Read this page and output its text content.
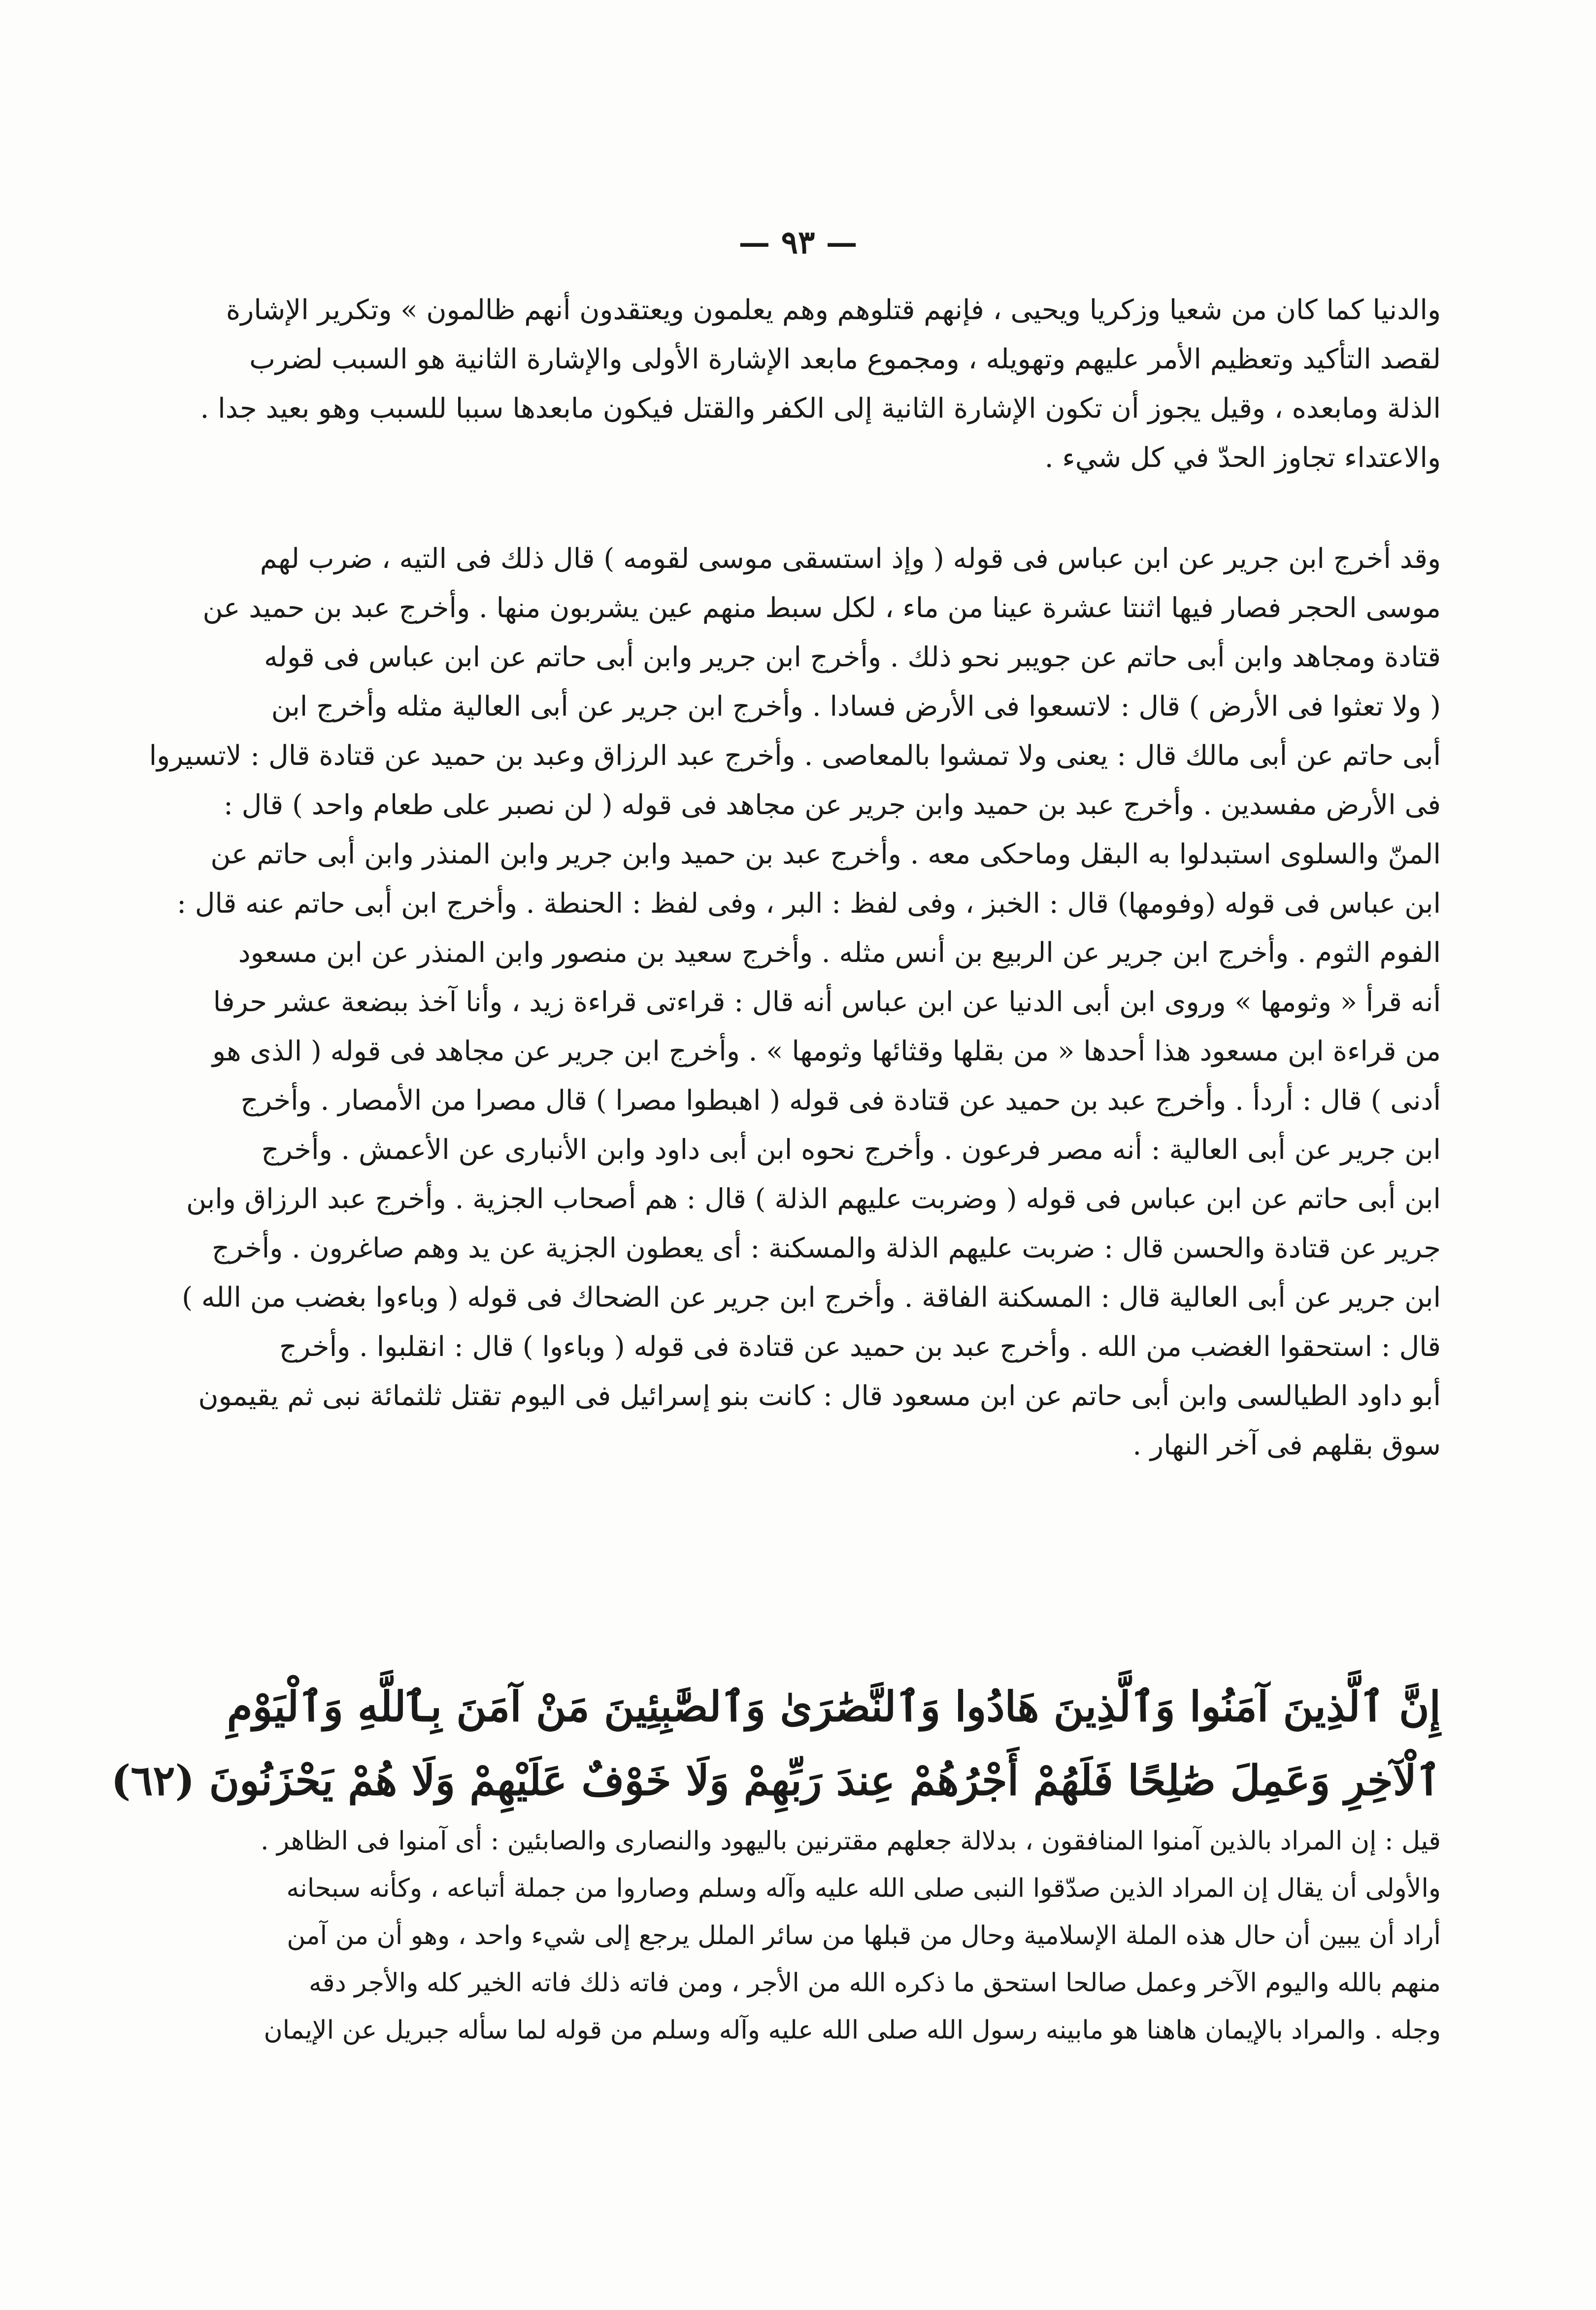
— ٩٣ —
والدنيا كما كان من شعيا وزكريا ويحيى ، فإنهم قتلوهم وهم يعلمون ويعتقدون أنهم ظالمون » وتكرير الإشارة
لقصد التأكيد وتعظيم الأمر عليهم وتهويله ، ومجموع مابعد الإشارة الأولى والإشارة الثانية هو السبب لضرب
الذلة ومابعده ، وقيل يجوز أن تكون الإشارة الثانية إلى الكفر والقتل فيكون مابعدها سببا للسبب وهو بعيد جدا .
والاعتداء تجاوز الحدّ في كل شيء .
وقد أخرج ابن جرير عن ابن عباس فى قوله ( وإذ استسقى موسى لقومه ) قال ذلك فى التيه ، ضرب لهم
موسى الحجر فصار فيها اثنتا عشرة عينا من ماء ، لكل سبط منهم عين يشربون منها . وأخرج عبد بن حميد عن
قتادة ومجاهد وابن أبى حاتم عن جويبر نحو ذلك . وأخرج ابن جرير وابن أبى حاتم عن ابن عباس فى قوله
( ولا تعثوا فى الأرض ) قال : لاتسعوا فى الأرض فسادا . وأخرج ابن جرير عن أبى العالية مثله وأخرج ابن
أبى حاتم عن أبى مالك قال : يعنى ولا تمشوا بالمعاصى . وأخرج عبد الرزاق وعبد بن حميد عن قتادة قال : لاتسيروا
فى الأرض مفسدين . وأخرج عبد بن حميد وابن جرير عن مجاهد فى قوله ( لن نصبر على طعام واحد ) قال :
المنّ والسلوى استبدلوا به البقل وماحكى معه . وأخرج عبد بن حميد وابن جرير وابن المنذر وابن أبى حاتم عن
ابن عباس فى قوله (وفومها) قال : الخبز ، وفى لفظ : البر ، وفى لفظ : الحنطة . وأخرج ابن أبى حاتم عنه قال :
الفوم الثوم . وأخرج ابن جرير عن الربيع بن أنس مثله . وأخرج سعيد بن منصور وابن المنذر عن ابن مسعود
أنه قرأ « وثومها » وروى ابن أبى الدنيا عن ابن عباس أنه قال : قراءتى قراءة زيد ، وأنا آخذ ببضعة عشر حرفا
من قراءة ابن مسعود هذا أحدها « من بقلها وقثائها وثومها » . وأخرج ابن جرير عن مجاهد فى قوله ( الذى هو
أدنى ) قال : أردأ . وأخرج عبد بن حميد عن قتادة فى قوله ( اهبطوا مصرا ) قال مصرا من الأمصار . وأخرج
ابن جرير عن أبى العالية : أنه مصر فرعون . وأخرج نحوه ابن أبى داود وابن الأنبارى عن الأعمش . وأخرج
ابن أبى حاتم عن ابن عباس فى قوله ( وضربت عليهم الذلة ) قال : هم أصحاب الجزية . وأخرج عبد الرزاق وابن
جرير عن قتادة والحسن قال : ضربت عليهم الذلة والمسكنة : أى يعطون الجزية عن يد وهم صاغرون . وأخرج
ابن جرير عن أبى العالية قال : المسكنة الفاقة . وأخرج ابن جرير عن الضحاك فى قوله ( وباءوا بغضب من الله )
قال : استحقوا الغضب من الله . وأخرج عبد بن حميد عن قتادة فى قوله ( وباءوا ) قال : انقلبوا . وأخرج
أبو داود الطيالسى وابن أبى حاتم عن ابن مسعود قال : كانت بنو إسرائيل فى اليوم تقتل ثلثمائة نبى ثم يقيمون
سوق بقلهم فى آخر النهار .
إِنَّ ٱلَّذِينَ آمَنُوا وَٱلَّذِينَ هَادُوا وَٱلنَّصَٰرَىٰ وَٱلصَّٰبِئِينَ مَنْ آمَنَ بِٱللَّهِ وَٱلْيَوْمِ
ٱلْآخِرِ وَعَمِلَ صَٰلِحًا فَلَهُمْ أَجْرُهُمْ عِندَ رَبِّهِمْ وَلَا خَوْفٌ عَلَيْهِمْ وَلَا هُمْ يَحْزَنُونَ (٦٢)
قيل : إن المراد بالذين آمنوا المنافقون ، بدلالة جعلهم مقترنين باليهود والنصارى والصابئين : أى آمنوا فى الظاهر .
والأولى أن يقال إن المراد الذين صدّقوا النبى صلى الله عليه وآله وسلم وصاروا من جملة أتباعه ، وكأنه سبحانه
أراد أن يبين أن حال هذه الملة الإسلامية وحال من قبلها من سائر الملل يرجع إلى شيء واحد ، وهو أن من آمن
منهم بالله واليوم الآخر وعمل صالحا استحق ما ذكره الله من الأجر ، ومن فاته ذلك فاته الخير كله والأجر دقه
وجله . والمراد بالإيمان هاهنا هو مابينه رسول الله صلى الله عليه وآله وسلم من قوله لما سأله جبريل عن الإيمان
